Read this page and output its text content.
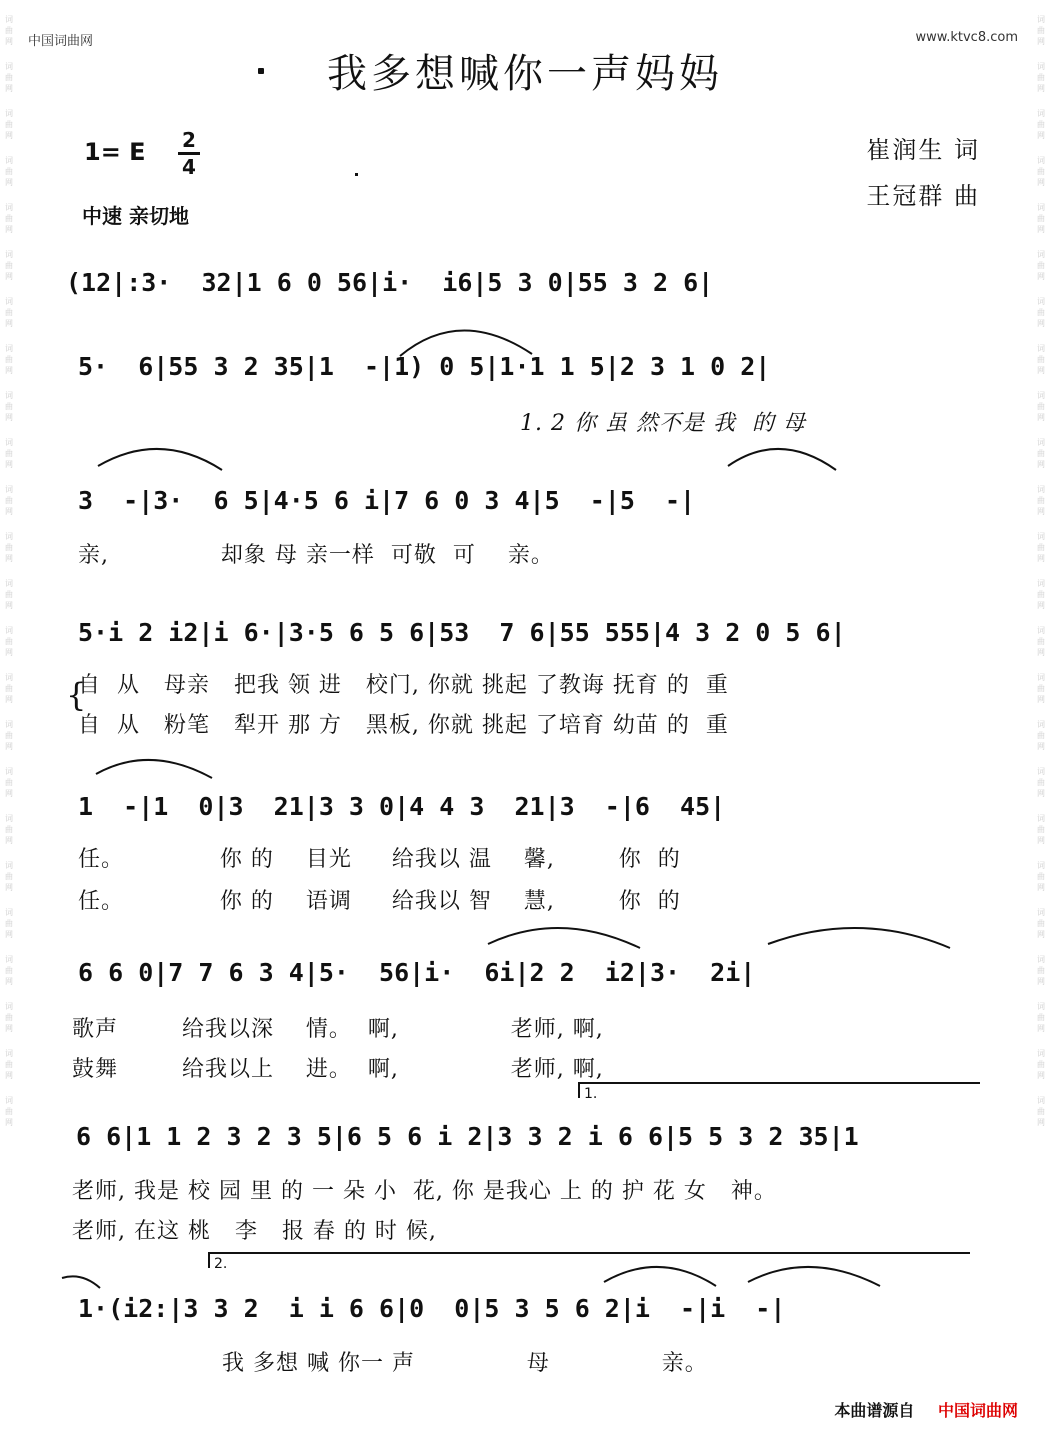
词曲网
词曲网
词曲网
词曲网
词曲网
词曲网
词曲网
词曲网
词曲网
词曲网
词曲网
词曲网
词曲网
词曲网
词曲网
词曲网
词曲网
词曲网
词曲网
词曲网
词曲网
词曲网
词曲网
词曲网
词曲网
词曲网
词曲网
词曲网
词曲网
词曲网
词曲网
词曲网
词曲网
词曲网
词曲网
词曲网
词曲网
词曲网
词曲网
词曲网
词曲网
词曲网
词曲网
词曲网
词曲网
词曲网
词曲网
词曲网
中国词曲网	www.ktvc8.com
我多想喊你一声妈妈
1= E	2
4
中速 亲切地
崔润生 词
王冠群 曲
(12|:3·  32|1 6 0 56|i·  i6|5 3 0|55 3 2 6|
5·  6|55 3 2 35|1  -|1) 0 5|1·1 1 5|2 3 1 0 2|
1. 2 你 虽 然不是 我  的 母
3  -|3·  6 5|4·5 6 i|7 6 0 3 4|5  -|5  -|
亲,              却象 母 亲一样  可敬  可    亲。
5·i 2 i2|i 6·|3·5 6 5 6|53  7 6|55 555|4 3 2 0 5 6|
自  从   母亲   把我 领 进   校门, 你就 挑起 了教诲 抚育 的  重
自  从   粉笔   犁开 那 方   黑板, 你就 挑起 了培育 幼苗 的  重
{
1  -|1  0|3  21|3 3 0|4 4 3  21|3  -|6  45|
任。            你 的    目光     给我以 温    馨,        你  的
任。            你 的    语调     给我以 智    慧,        你  的
6 6 0|7 7 6 3 4|5·  56|i·  6i|2 2  i2|3·  2i|
歌声        给我以深    情。  啊,              老师, 啊,
鼓舞        给我以上    进。  啊,              老师, 啊,
1.
6 6|1 1 2 3 2 3 5|6 5 6 i 2|3 3 2 i 6 6|5 5 3 2 35|1
老师, 我是 校 园 里 的 一 朵 小  花, 你 是我心 上 的 护 花 女   神。
老师, 在这 桃   李   报 春 的 时 候,
2.
1·(i2:|3 3 2  i i 6 6|0  0|5 3 5 6 2|i  -|i  -|
我 多想 喊 你一 声              母              亲。
本曲谱源自 中国词曲网
